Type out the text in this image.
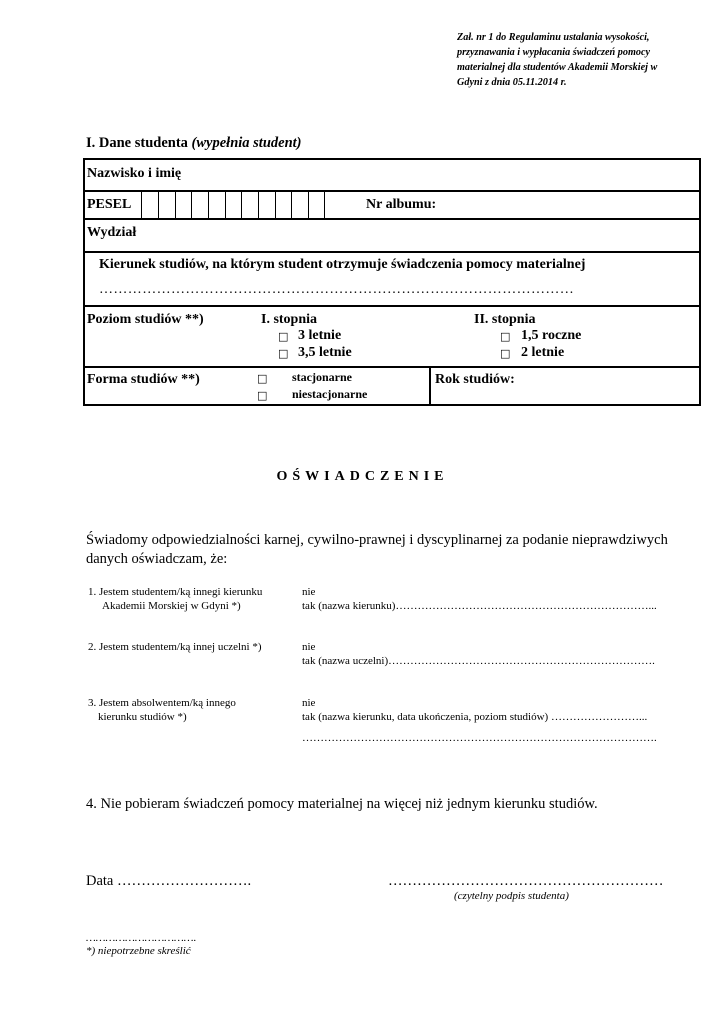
Zał. nr 1 do Regulaminu ustalania wysokości,
przyznawania i wypłacania świadczeń pomocy
materialnej dla studentów Akademii Morskiej w
Gdyni z dnia 05.11.2014 r.
I. Dane studenta (wypełnia student)
Nazwisko i imię
PESEL	Nr albumu:
Wydział
Kierunek studiów, na którym student otrzymuje świadczenia pomocy materialnej
………………………………………………………………………………………
Poziom studiów **)	I. stopnia
□ 3 letnie
□ 3,5 letnie
II. stopnia
□ 1,5 roczne
□ 2 letnie
Forma studiów **)	□ stacjonarne
□ niestacjonarne
Rok studiów:
OŚWIADCZENIE
Świadomy odpowiedzialności karnej, cywilno-prawnej i dyscyplinarnej za podanie nieprawdziwych danych oświadczam, że:
1. Jestem studentem/ką innegi kierunku
Akademii Morskiej w Gdyni *)
nie
tak (nazwa kierunku)……………………………………………………………...
2. Jestem studentem/ką innej uczelni *)	nie
tak (nazwa uczelni)……………………………………………………………….
3. Jestem absolwentem/ką innego
kierunku studiów *)
nie
tak (nazwa kierunku, data ukończenia, poziom studiów) ……………………...
…………………………………………………………………………………….
4. Nie pobieram świadczeń pomocy materialnej na więcej niż jednym kierunku studiów.
Data ……………………….	…………………………………………………
(czytelny podpis studenta)
…………………………….
*) niepotrzebne skreślić
